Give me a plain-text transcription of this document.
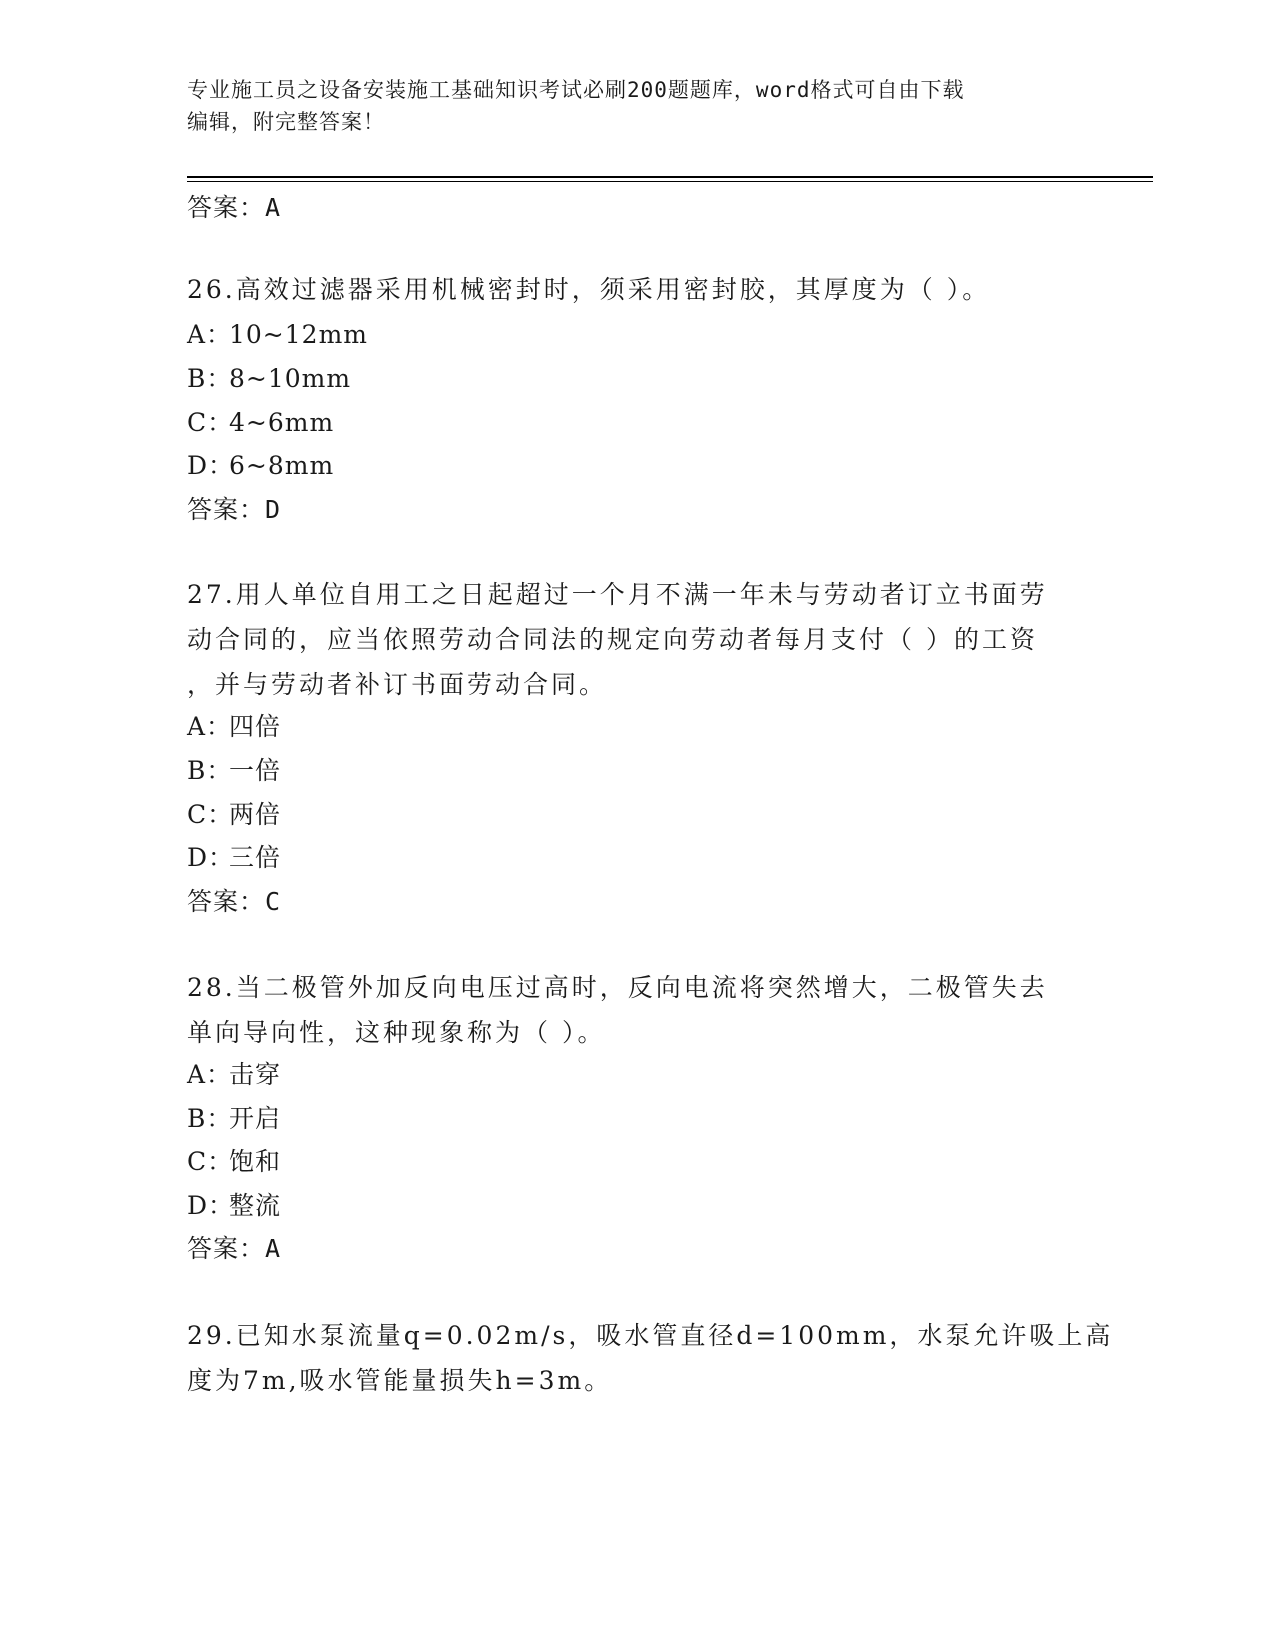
专业施工员之设备安装施工基础知识考试必刷200题题库，word格式可自由下载
编辑，附完整答案！
答案：A
26.高效过滤器采用机械密封时，须采用密封胶，其厚度为（ ）。
A：10~12mm
B：8~10mm
C：4~6mm
D：6~8mm
答案：D
27.用人单位自用工之日起超过一个月不满一年未与劳动者订立书面劳
动合同的，应当依照劳动合同法的规定向劳动者每月支付（ ）的工资
，并与劳动者补订书面劳动合同。
A：四倍
B：一倍
C：两倍
D：三倍
答案：C
28.当二极管外加反向电压过高时，反向电流将突然增大，二极管失去
单向导向性，这种现象称为（ ）。
A：击穿
B：开启
C：饱和
D：整流
答案：A
29.已知水泵流量q=0.02m/s，吸水管直径d=100mm，水泵允许吸上高
度为7m,吸水管能量损失h=3m。
